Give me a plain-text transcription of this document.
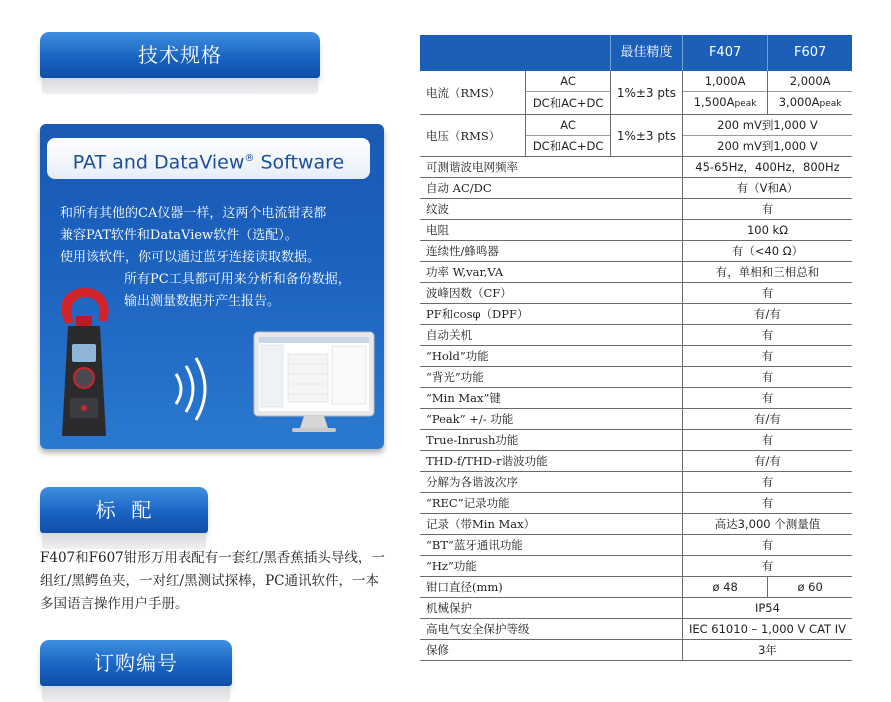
技术规格
PAT and DataView® Software

和所有其他的CA仪器一样，这两个电流钳表都

兼容PAT软件和DataView软件（选配）。

使用该软件，你可以通过蓝牙连接读取数据。

所有PC工具都可用来分析和备份数据，

输出测量数据并产生报告。

标  配
F407和F607钳形万用表配有一套红/黑香蕉插头导线，一组红/黑鳄鱼夹，一对红/黑测试探棒，PC通讯软件，一本多国语言操作用户手册。
订购编号
		最佳精度	F407	F607
电流（RMS）	AC	1%±3 pts	1,000A	2,000A
	DC和AC+DC		1,500Apeak	3,000Apeak
电压（RMS）	AC	1%±3 pts	200 mV到1,000 V	
	DC和AC+DC		200 mV到1,000 V	
可测谐波电网频率			45-65Hz，400Hz，800Hz	
自动 AC/DC			有（V和A）	
纹波			有	
电阻			100 kΩ	
连续性/蜂鸣器			有（<40 Ω）	
功率 W,var,VA			有，单相和三相总和	
波峰因数（CF）			有	
PF和cosφ（DPF）			有/有	
自动关机			有	
“Hold”功能			有	
“背光”功能			有	
“Min Max”键			有	
“Peak” +/- 功能			有/有	
True-Inrush功能			有	
THD-f/THD-r谐波功能			有/有	
分解为各谐波次序			有	
“REC”记录功能			有	
记录（带Min Max）			高达3,000 个测量值	
“BT”蓝牙通讯功能			有	
“Hz”功能			有	
钳口直径(mm)			ø 48	ø 60
机械保护			IP54	
高电气安全保护等级			IEC 61010 – 1,000 V CAT IV	
保修			3年	
